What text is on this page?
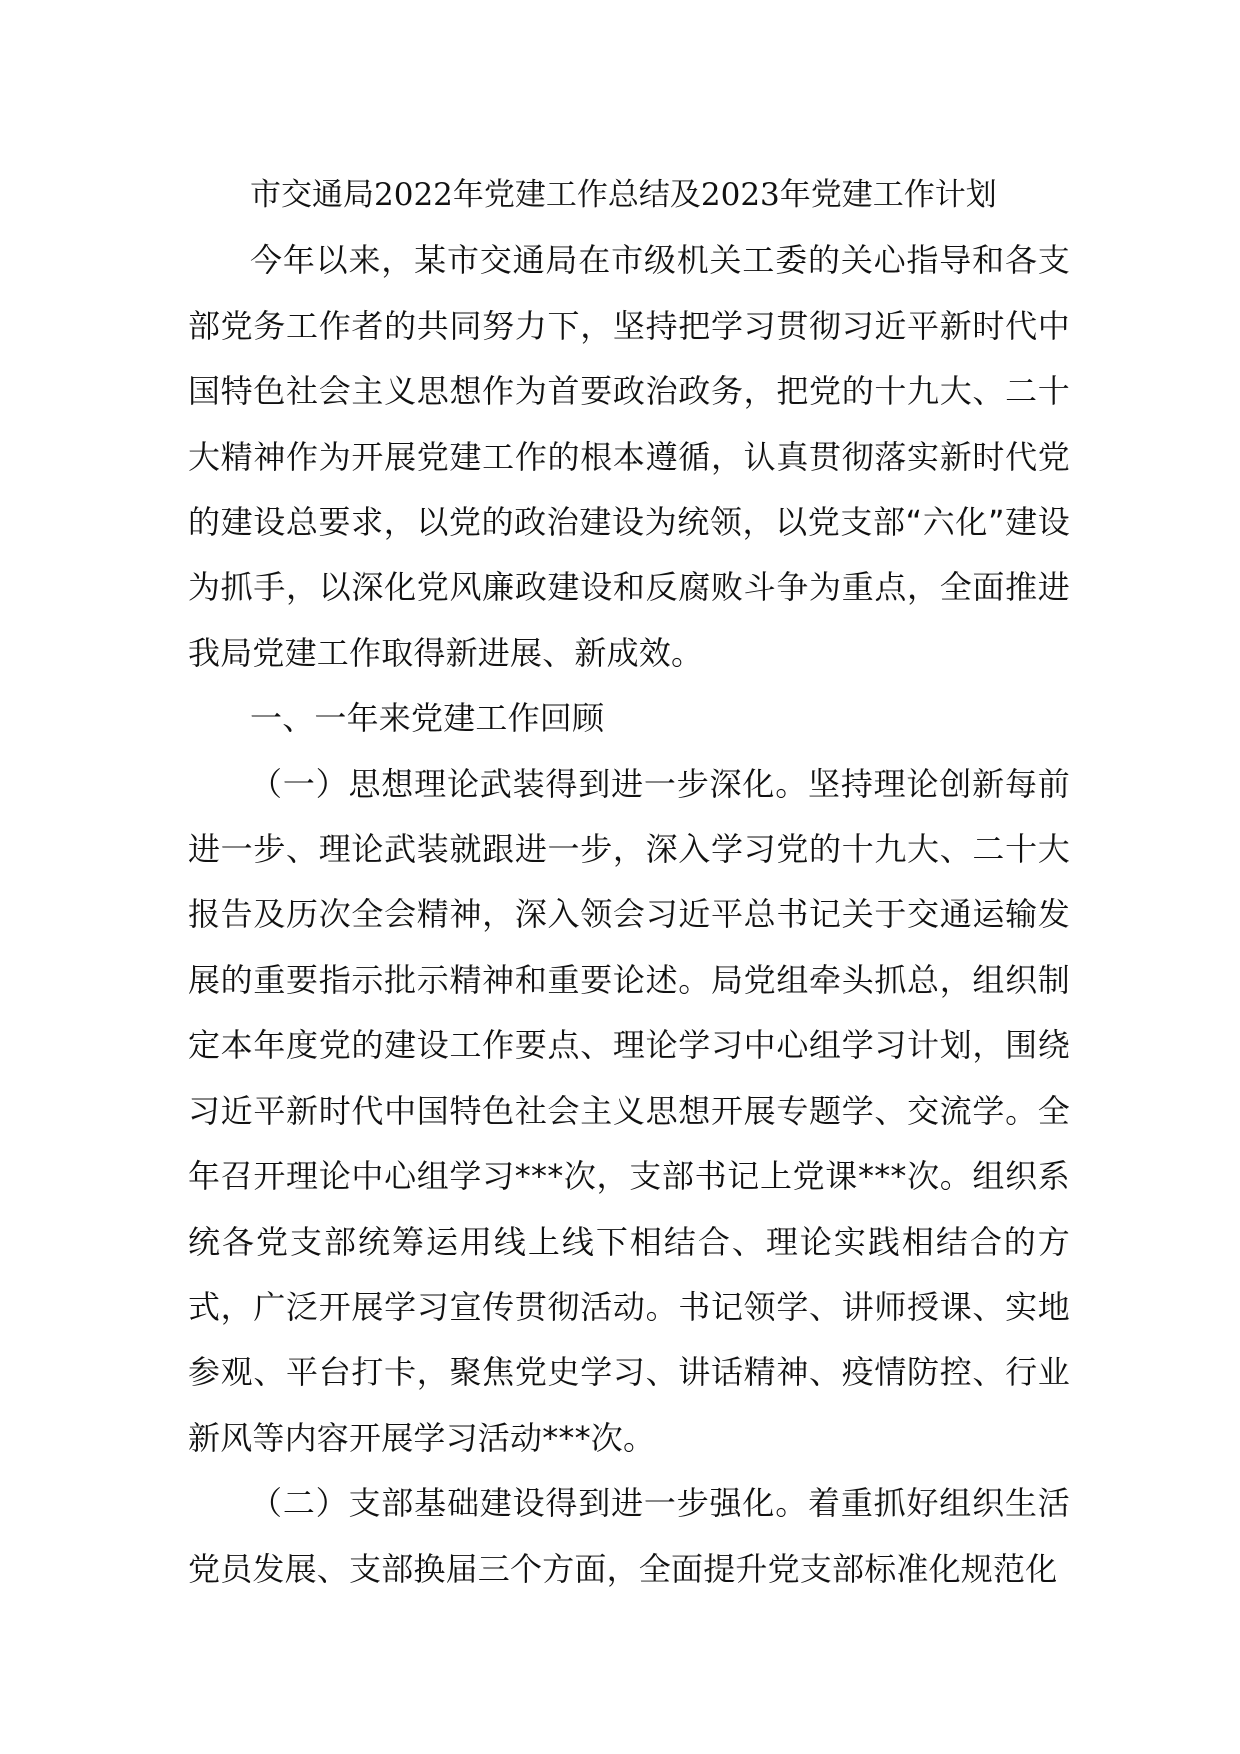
市交通局2022年党建工作总结及2023年党建工作计划

今年以来，某市交通局在市级机关工委的关心指导和各支部党务工作者的共同努力下，坚持把学习贯彻习近平新时代中国特色社会主义思想作为首要政治政务，把党的十九大、二十大精神作为开展党建工作的根本遵循，认真贯彻落实新时代党的建设总要求，以党的政治建设为统领，以党支部“六化”建设为抓手，以深化党风廉政建设和反腐败斗争为重点，全面推进我局党建工作取得新进展、新成效。

一、一年来党建工作回顾

（一）思想理论武装得到进一步深化。坚持理论创新每前进一步、理论武装就跟进一步，深入学习党的十九大、二十大报告及历次全会精神，深入领会习近平总书记关于交通运输发展的重要指示批示精神和重要论述。局党组牵头抓总，组织制定本年度党的建设工作要点、理论学习中心组学习计划，围绕习近平新时代中国特色社会主义思想开展专题学、交流学。全年召开理论中心组学习***次，支部书记上党课***次。组织系统各党支部统筹运用线上线下相结合、理论实践相结合的方式，广泛开展学习宣传贯彻活动。书记领学、讲师授课、实地参观、平台打卡，聚焦党史学习、讲话精神、疫情防控、行业新风等内容开展学习活动***次。

（二）支部基础建设得到进一步强化。着重抓好组织生活党员发展、支部换届三个方面，全面提升党支部标准化规范化
